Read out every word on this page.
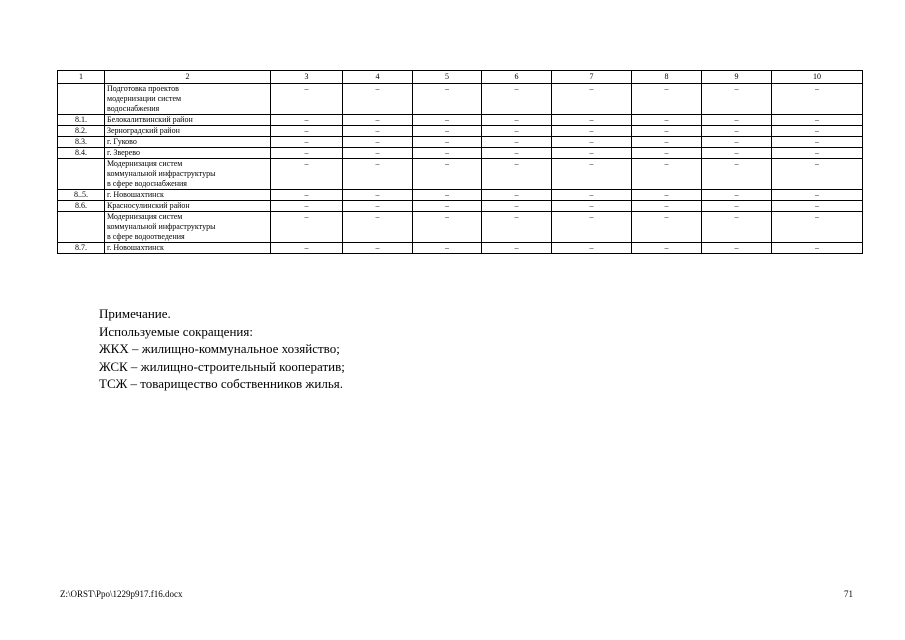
1	2	3	4	5	6	7	8	9	10

	Подготовка проектов
модернизации систем
водоснабжения	–	–	–	–	–	–	–	–
8.1.	Белокалитвинский район	–	–	–	–	–	–	–	–
8.2.	Зерноградский район	–	–	–	–	–	–	–	–
8.3.	г. Гуково	–	–	–	–	–	–	–	–
8.4.	г. Зверево	–	–	–	–	–	–	–	–

	Модернизация систем
коммунальной инфраструктуры
в сфере водоснабжения	–	–	–	–	–	–	–	–
8..5.	г. Новошахтинск	–	–	–	–	–	–	–	–
8.6.	Красносулинский район	–	–	–	–	–	–	–	–

	Модернизация систем
коммунальной инфраструктуры
в сфере водоотведения	–	–	–	–	–	–	–	–
8.7.	г. Новошахтинск	–	–	–	–	–	–	–	–
Примечание.
Используемые сокращения:
ЖКХ – жилищно-коммунальное хозяйство;
ЖСК – жилищно-строительный кооператив;
ТСЖ – товарищество собственников жилья.
Z:\ORST\Ppo\1229p917.f16.docx	71
